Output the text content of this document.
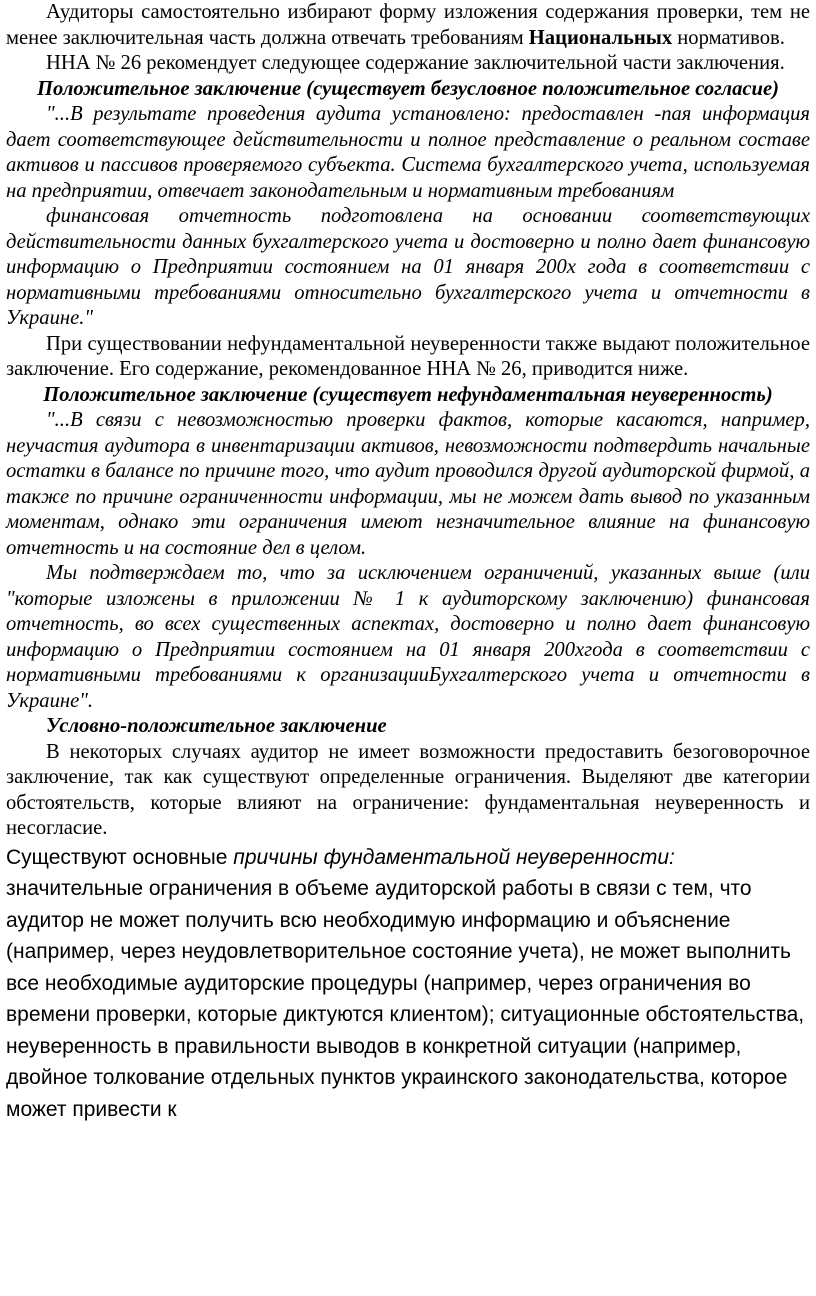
Аудиторы самостоятельно избирают форму изложения содержания проверки, тем не менее заключительная часть должна отвечать требованиям Национальных нормативов.

ННА № 26 рекомендует следующее содержание заключительной части заключения.

Положительное заключение (существует безусловное положительное согласие)

"...В результате проведения аудита установлено: предоставлен -пая информация дает соответствующее действительности и полное представление о реальном составе активов и пассивов проверяемого субъекта. Система бухгалтерского учета, используемая на предприятии, отвечает законодательным и нормативным требованиям

финансовая отчетность подготовлена на основании соответствующих действительности данных бухгалтерского учета и достоверно и полно дает финансовую информацию о Предприятии состоянием на 01 января 200х года в соответствии с нормативными требованиями относительно бухгалтерского учета и отчетности в Украине."

При существовании нефундаментальной неуверенности также выдают положительное заключение. Его содержание, рекомендованное ННА № 26, приводится ниже.

Положительное заключение (существует нефундаментальная неуверенность)

"...В связи с невозможностью проверки фактов, которые касаются, например, неучастия аудитора в инвентаризации активов, невозможности подтвердить начальные остатки в балансе по причине того, что аудит проводился другой аудиторской фирмой, а также по причине ограниченности информации, мы не можем дать вывод по указанным моментам, однако эти ограничения имеют незначительное влияние на финансовую отчетность и на состояние дел в целом.

Мы подтверждаем то, что за исключением ограничений, указанных выше (или "которые изложены в приложении № 1 к аудиторскому заключению) финансовая отчетность, во всех существенных аспектах, достоверно и полно дает финансовую информацию о Предприятии состоянием на 01 января 200хгода в соответствии с нормативными требованиями к организацииБухгалтерского учета и отчетности в Украине".

Условно-положительное заключение

В некоторых случаях аудитор не имеет возможности предоставить безоговорочное заключение, так как существуют определенные ограничения. Выделяют две категории обстоятельств, которые влияют на ограничение: фундаментальная неуверенность и несогласие.

Существуют основные причины фундаментальной неуверенности: значительные ограничения в объеме аудиторской работы в связи с тем, что аудитор не может получить всю необходимую информацию и объяснение (например, через неудовлетворительное состояние учета), не может выполнить все необходимые аудиторские процедуры (например, через ограничения во времени проверки, которые диктуются клиентом); ситуационные обстоятельства, неуверенность в правильности выводов в конкретной ситуации (например, двойное толкование отдельных пунктов украинского законодательства, которое может привести к
